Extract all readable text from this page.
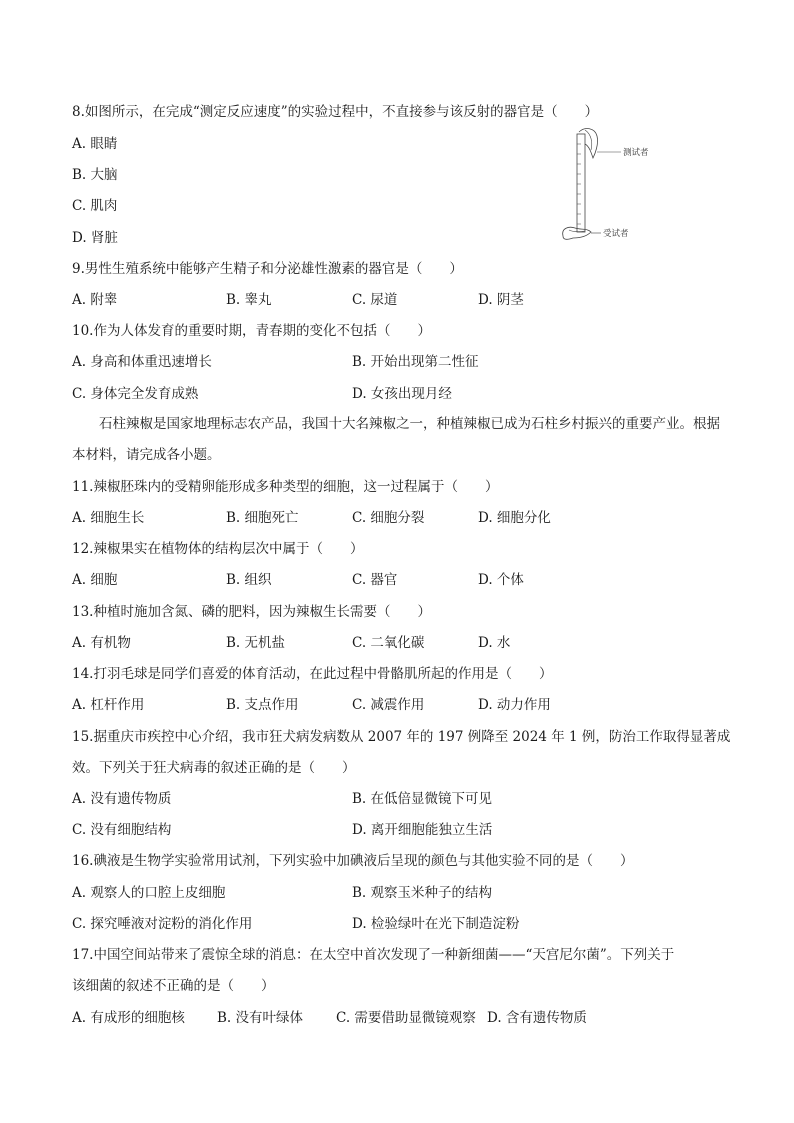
8.如图所示，在完成“测定反应速度”的实验过程中，不直接参与该反射的器官是（　　）
A. 眼睛
B. 大脑
C. 肌肉
D. 肾脏
测试者
受试者
9.男性生殖系统中能够产生精子和分泌雄性激素的器官是（　　）
A. 附睾	B. 睾丸	C. 尿道	D. 阴茎
10.作为人体发育的重要时期，青春期的变化不包括（　　）
A. 身高和体重迅速增长	B. 开始出现第二性征
C. 身体完全发育成熟	D. 女孩出现月经
石柱辣椒是国家地理标志农产品，我国十大名辣椒之一，种植辣椒已成为石柱乡村振兴的重要产业。根据本材料，请完成各小题。
11.辣椒胚珠内的受精卵能形成多种类型的细胞，这一过程属于（　　）
A. 细胞生长	B. 细胞死亡	C. 细胞分裂	D. 细胞分化
12.辣椒果实在植物体的结构层次中属于（　　）
A. 细胞	B. 组织	C. 器官	D. 个体
13.种植时施加含氮、磷的肥料，因为辣椒生长需要（　　）
A. 有机物	B. 无机盐	C. 二氧化碳	D. 水
14.打羽毛球是同学们喜爱的体育活动，在此过程中骨骼肌所起的作用是（　　）
A. 杠杆作用	B. 支点作用	C. 减震作用	D. 动力作用
15.据重庆市疾控中心介绍，我市狂犬病发病数从 2007 年的 197 例降至 2024 年 1 例，防治工作取得显著成
效。下列关于狂犬病毒的叙述正确的是（　　）
A. 没有遗传物质	B. 在低倍显微镜下可见
C. 没有细胞结构	D. 离开细胞能独立生活
16.碘液是生物学实验常用试剂，下列实验中加碘液后呈现的颜色与其他实验不同的是（　　）
A. 观察人的口腔上皮细胞	B. 观察玉米种子的结构
C. 探究唾液对淀粉的消化作用	D. 检验绿叶在光下制造淀粉
17.中国空间站带来了震惊全球的消息：在太空中首次发现了一种新细菌——“天宫尼尔菌”。下列关于
该细菌的叙述不正确的是（　　）
A. 有成形的细胞核 B. 没有叶绿体 C. 需要借助显微镜观察 D. 含有遗传物质
